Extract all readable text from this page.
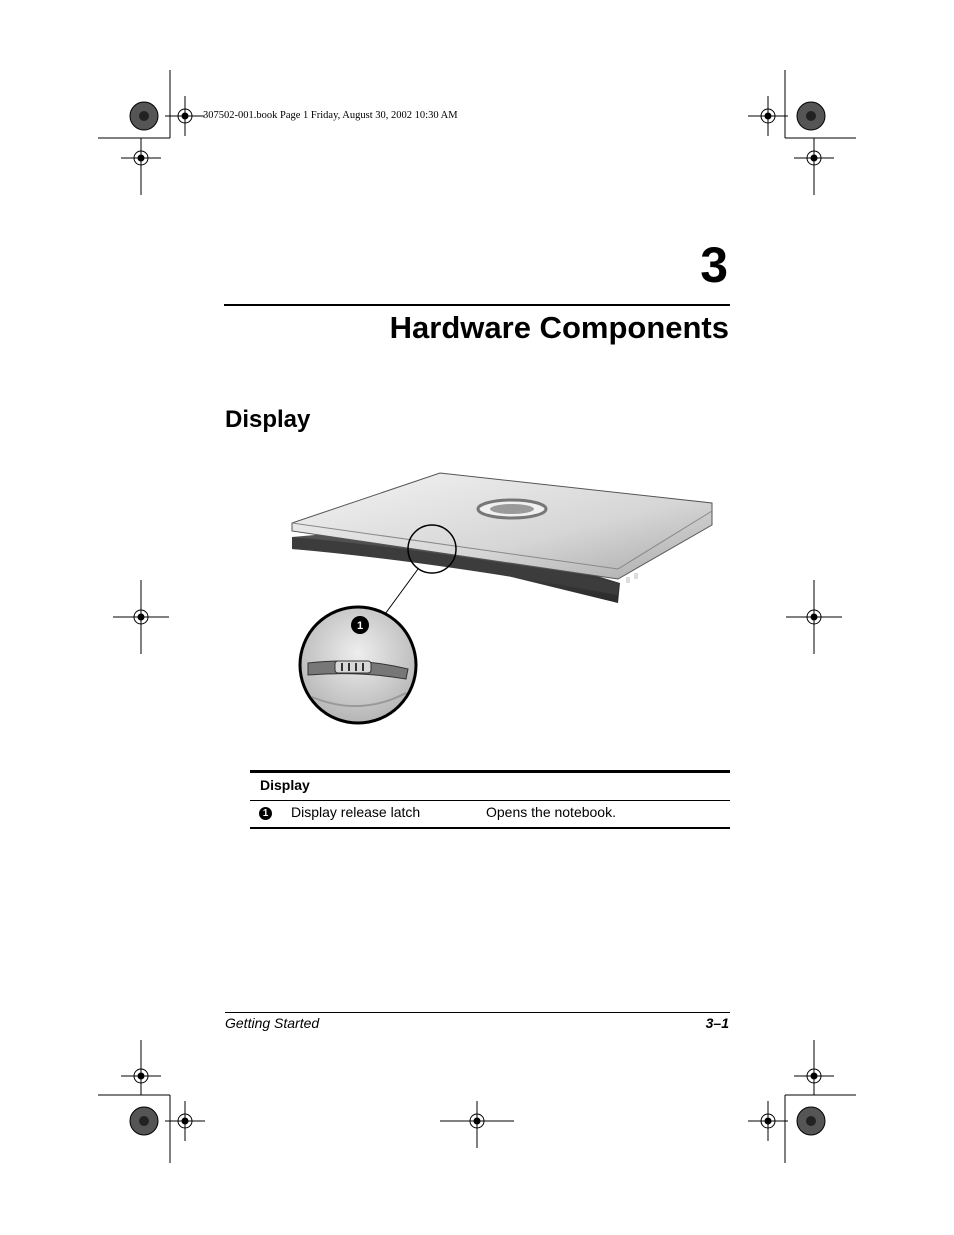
307502-001.book Page 1 Friday, August 30, 2002 10:30 AM
3
Hardware Components
Display
1
Display
1 Display release latch	Opens the notebook.
Getting Started	3–1
